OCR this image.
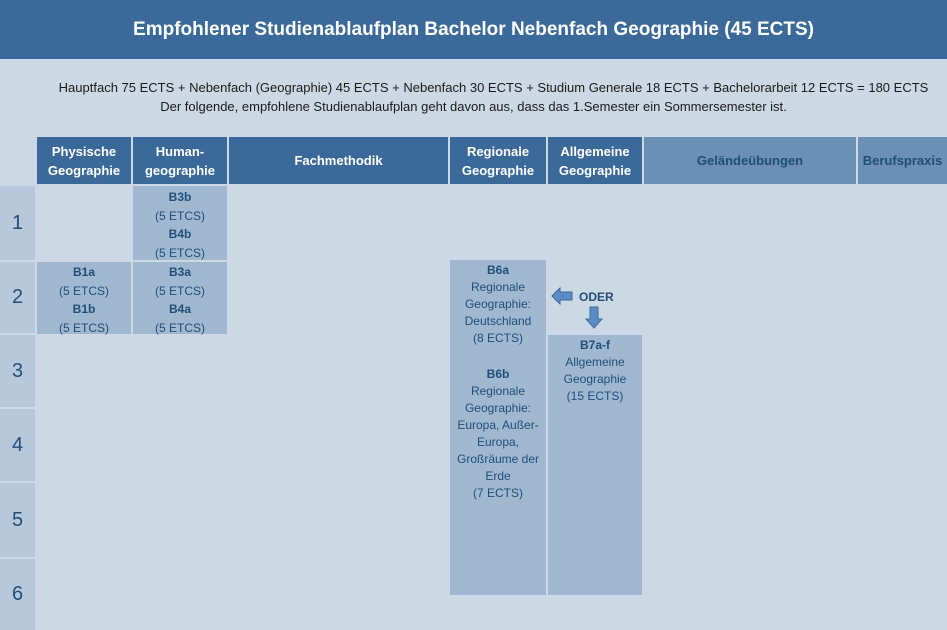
Empfohlener Studienablaufplan Bachelor Nebenfach Geographie (45 ECTS)
Hauptfach 75 ECTS + Nebenfach (Geographie) 45 ECTS + Nebenfach 30 ECTS + Studium Generale 18 ECTS + Bachelorarbeit 12 ECTS = 180 ECTS
Der folgende, empfohlene Studienablaufplan geht davon aus, dass das 1.Semester ein Sommersemester ist.
Physische
Geographie
Human-
geographie
Fachmethodik
Regionale
Geographie
Allgemeine
Geographie
Geländeübungen	Berufspraxis
1
2
3
4
5
6
B3b
(5 ETCS)
B4b
(5 ETCS)
B1a
(5 ETCS)
B1b
(5 ETCS)
B3a
(5 ETCS)
B4a
(5 ETCS)
B6a
Regionale
Geographie:
Deutschland
(8 ECTS)
B6b
Regionale
Geographie:
Europa, Außer-
Europa,
Großräume der
Erde
(7 ECTS)
B7a-f
Allgemeine
Geographie
(15 ECTS)
ODER
